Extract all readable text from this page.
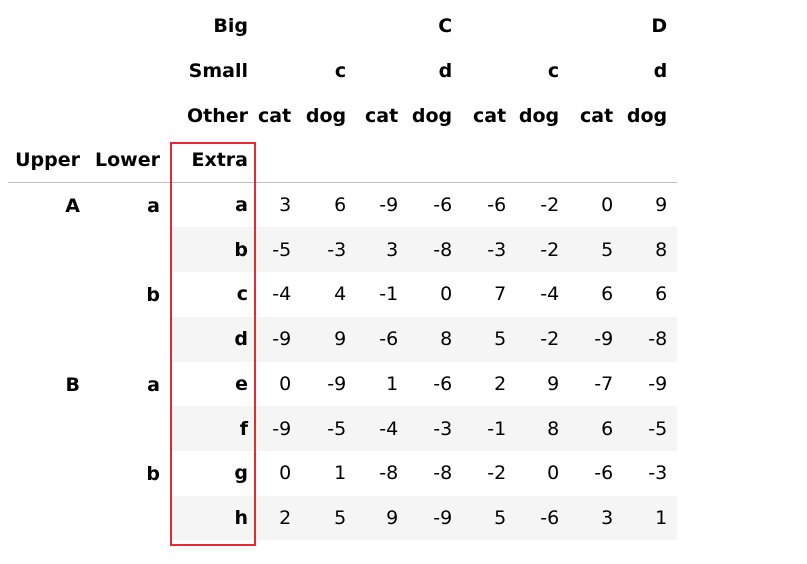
		Big	C				D			
		Small	c		d		c		d	
		Other	cat	dog	cat	dog	cat	dog	cat	dog
Upper	Lower	Extra								
A	a	a	3	6	-9	-6	-6	-2	0	9
		b	-5	-3	3	-8	-3	-2	5	8
	b	c	-4	4	-1	0	7	-4	6	6
		d	-9	9	-6	8	5	-2	-9	-8
B	a	e	0	-9	1	-6	2	9	-7	-9
		f	-9	-5	-4	-3	-1	8	6	-5
	b	g	0	1	-8	-8	-2	0	-6	-3
		h	2	5	9	-9	5	-6	3	1
